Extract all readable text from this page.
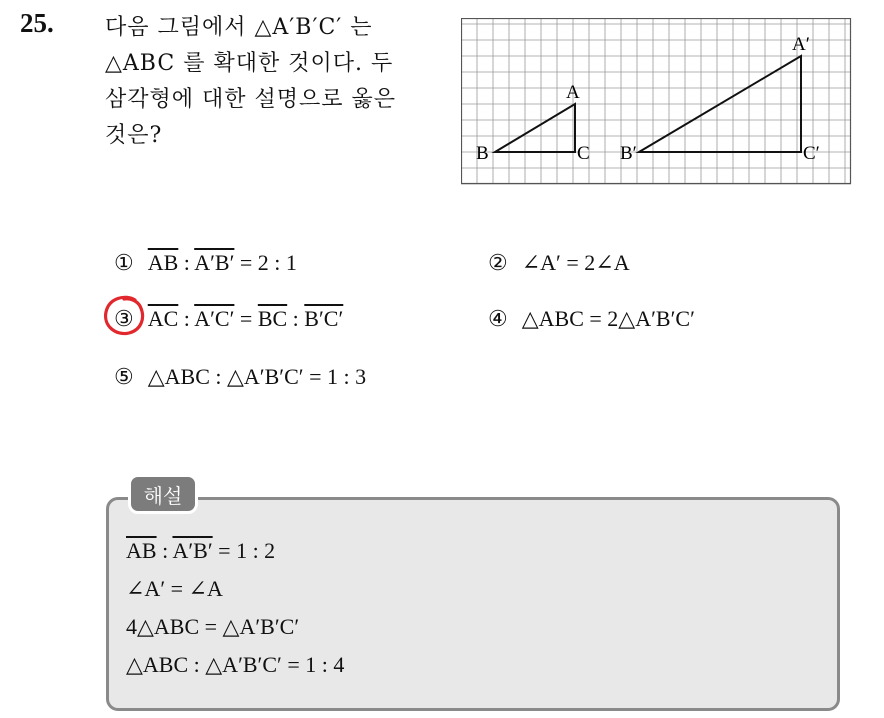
25. 다음 그림에서 △A′B′C′ 는
△ABC 를 확대한 것이다. 두
삼각형에 대한 설명으로 옳은
것은?
A
B	C
A′
B′	C′
① $\overline{AB}$ : A′B′ = 2 : 1	② ∠A′ = 2∠A
③ $\overline{AC}$ : $A'C' = \overline{BC}$ : B′C′	④ △ABC = 2△A′B′C′
⑤ △ABC : △A′B′C′ = 1 : 3
해설
$\overline{AB}$ : A′B′ = 1 : 2
∠A′ = ∠A
4△ABC = △A′B′C′
△ABC : △A′B′C′ = 1 : 4
